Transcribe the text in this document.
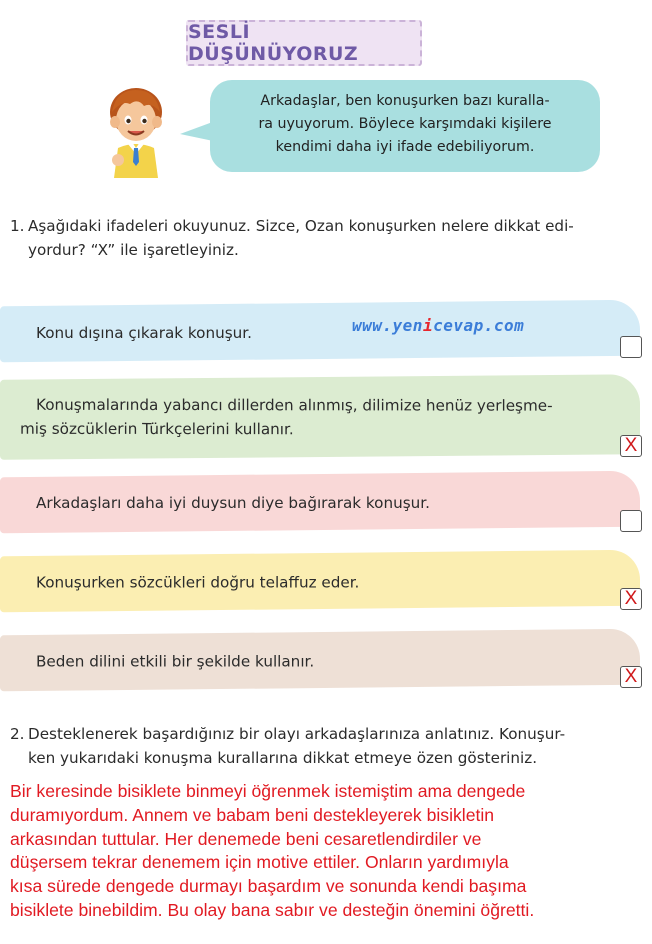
SESLİ DÜŞÜNÜYORUZ
Arkadaşlar, ben konuşurken bazı kuralla-
ra uyuyorum. Böylece karşımdaki kişilere
kendimi daha iyi ifade edebiliyorum.
1. Aşağıdaki ifadeleri okuyunuz. Sizce, Ozan konuşurken nelere dikkat edi-
yordur? “X” ile işaretleyiniz.
Konu dışına çıkarak konuşur.	www.yenicevap.com
Konuşmalarında yabancı dillerden alınmış, dilimize henüz yerleşme-
miş sözcüklerin Türkçelerini kullanır.
X
Arkadaşları daha iyi duysun diye bağırarak konuşur.
Konuşurken sözcükleri doğru telaffuz eder.
X
Beden dilini etkili bir şekilde kullanır.
X
2. Desteklenerek başardığınız bir olayı arkadaşlarınıza anlatınız. Konuşur-
ken yukarıdaki konuşma kurallarına dikkat etmeye özen gösteriniz.
Bir keresinde bisiklete binmeyi öğrenmek istemiştim ama dengede
duramıyordum. Annem ve babam beni destekleyerek bisikletin
arkasından tuttular. Her denemede beni cesaretlendirdiler ve
düşersem tekrar denemem için motive ettiler. Onların yardımıyla
kısa sürede dengede durmayı başardım ve sonunda kendi başıma
bisiklete binebildim. Bu olay bana sabır ve desteğin önemini öğretti.
